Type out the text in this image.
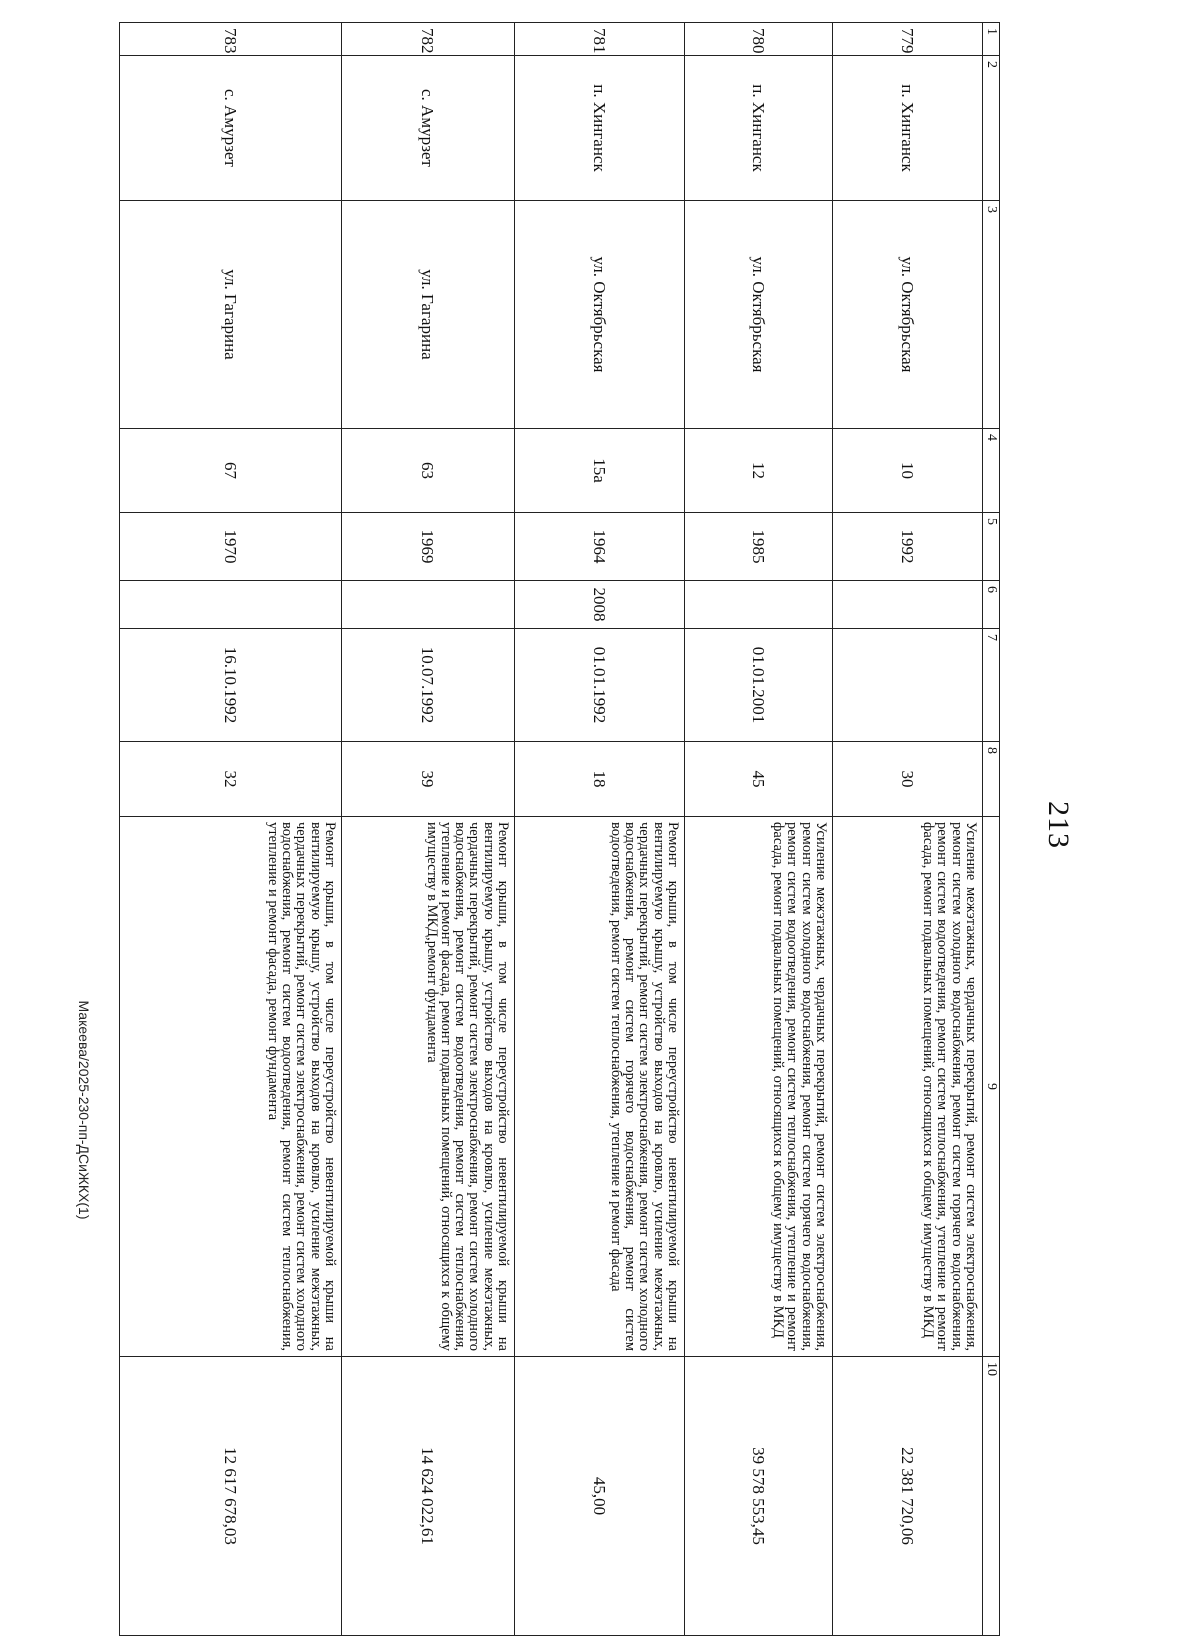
213
1	2	3	4	5	6	7	8	9	10
779	п. Хинганск	ул. Октябрьская	10	1992			30	Усиление межэтажных, чердачных перекрытий, ремонт систем электроснабжения, ремонт систем холодного водоснабжения, ремонт систем горячего водоснабжения, ремонт систем водоотведения, ремонт систем теплоснабжения, утепление и ремонт фасада, ремонт подвальных помещений, относящихся к общему имуществу в МКД	22 381 720,06
780	п. Хинганск	ул. Октябрьская	12	1985		01.01.2001	45	Усиление межэтажных, чердачных перекрытий, ремонт систем электроснабжения, ремонт систем холодного водоснабжения, ремонт систем горячего водоснабжения, ремонт систем водоотведения, ремонт систем теплоснабжения, утепление и ремонт фасада, ремонт подвальных помещений, относящихся к общему имуществу в МКД	39 578 553,45
781	п. Хинганск	ул. Октябрьская	15а	1964	2008	01.01.1992	18	Ремонт крыши, в том числе переустройство невентилируемой крыши на вентилируемую крышу, устройство выходов на кровлю, усиление межэтажных, чердачных перекрытий, ремонт систем электроснабжения, ремонт систем холодного водоснабжения, ремонт систем горячего водоснабжения, ремонт систем водоотведения, ремонт систем теплоснабжения, утепление и ремонт фасада	45,00
782	с. Амурзет	ул. Гагарина	63	1969		10.07.1992	39	Ремонт крыши, в том числе переустройство невентилируемой крыши на вентилируемую крышу, устройство выходов на кровлю, усиление межэтажных, чердачных перекрытий, ремонт систем электроснабжения, ремонт систем холодного водоснабжения, ремонт систем водоотведения, ремонт систем теплоснабжения, утепление и ремонт фасада, ремонт подвальных помещений, относящихся к общему имуществу в МКД,ремонт фундамента	14 624 022,61
783	с. Амурзет	ул. Гагарина	67	1970		16.10.1992	32	Ремонт крыши, в том числе переустройство невентилируемой крыши на вентилируемую крышу, устройство выходов на кровлю, усиление межэтажных, чердачных перекрытий, ремонт систем электроснабжения, ремонт систем холодного водоснабжения, ремонт систем водоотведения, ремонт систем теплоснабжения, утепление и ремонт фасада, ремонт фундамента	12 617 678,03
Макеева/2025-230-пп-ДСиЖКХ(1)
